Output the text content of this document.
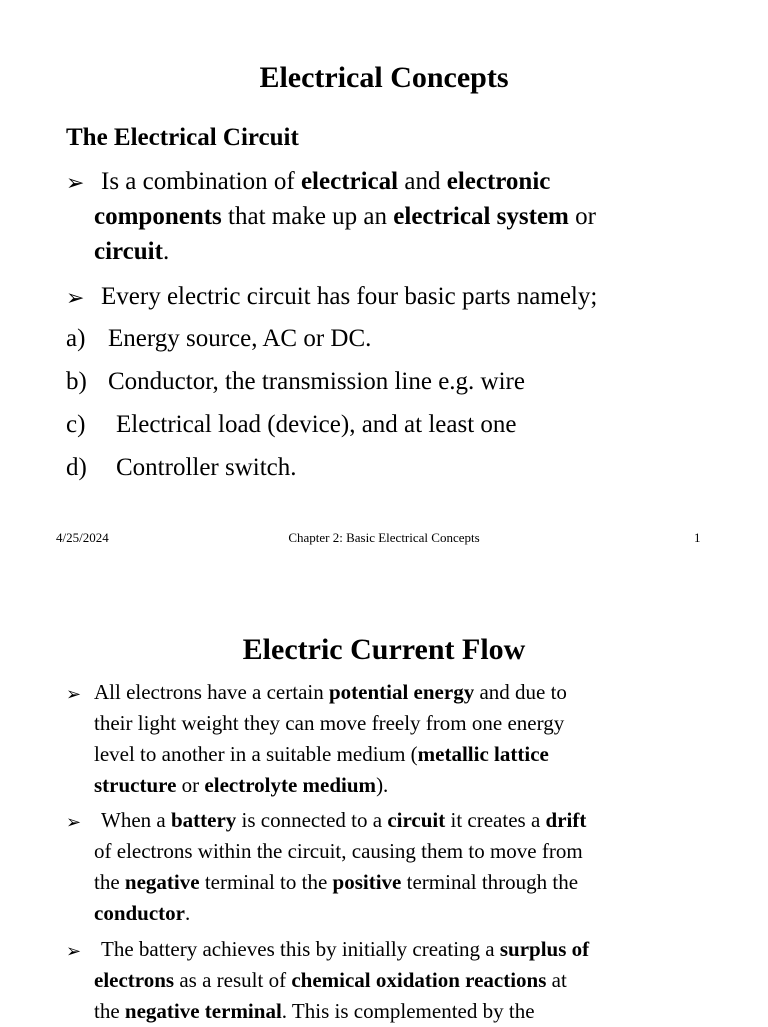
Electrical Concepts
The Electrical Circuit
➢ Is a combination of electrical and electronic
components that make up an electrical system or
circuit.
➢ Every electric circuit has four basic parts namely;
a) Energy source, AC or DC.
b) Conductor, the transmission line e.g. wire
c) Electrical load (device), and at least one
d) Controller switch.
4/25/2024	Chapter 2: Basic Electrical Concepts	1
Electric Current Flow
➢ All electrons have a certain potential energy and due to
their light weight they can move freely from one energy
level to another in a suitable medium (metallic lattice
structure or electrolyte medium).
➢ When a battery is connected to a circuit it creates a drift
of electrons within the circuit, causing them to move from
the negative terminal to the positive terminal through the
conductor.
➢ The battery achieves this by initially creating a surplus of
electrons as a result of chemical oxidation reactions at
the negative terminal. This is complemented by the
